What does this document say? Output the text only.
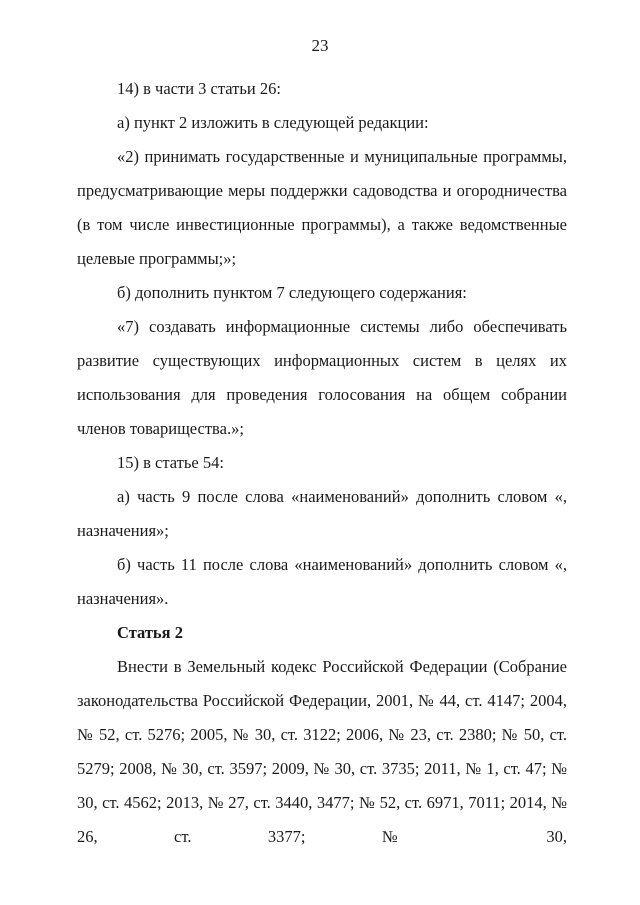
23

14) в части 3 статьи 26:

а) пункт 2 изложить в следующей редакции:

«2) принимать государственные и муниципальные программы, предусматривающие меры поддержки садоводства и огородничества (в том числе инвестиционные программы), а также ведомственные целевые программы;»;

б) дополнить пунктом 7 следующего содержания:

«7) создавать информационные системы либо обеспечивать развитие существующих информационных систем в целях их использования для проведения голосования на общем собрании членов товарищества.»;

15) в статье 54:

а) часть 9 после слова «наименований» дополнить словом «, назначения»;

б) часть 11 после слова «наименований» дополнить словом «, назначения».

Статья 2

Внести в Земельный кодекс Российской Федерации (Собрание законодательства Российской Федерации, 2001, № 44, ст. 4147; 2004, № 52, ст. 5276; 2005, № 30, ст. 3122; 2006, № 23, ст. 2380; № 50, ст. 5279; 2008, № 30, ст. 3597; 2009, № 30, ст. 3735; 2011, № 1, ст. 47; № 30, ст. 4562; 2013, № 27, ст. 3440, 3477; № 52, ст. 6971, 7011; 2014, № 26, ст. 3377; № 30,
